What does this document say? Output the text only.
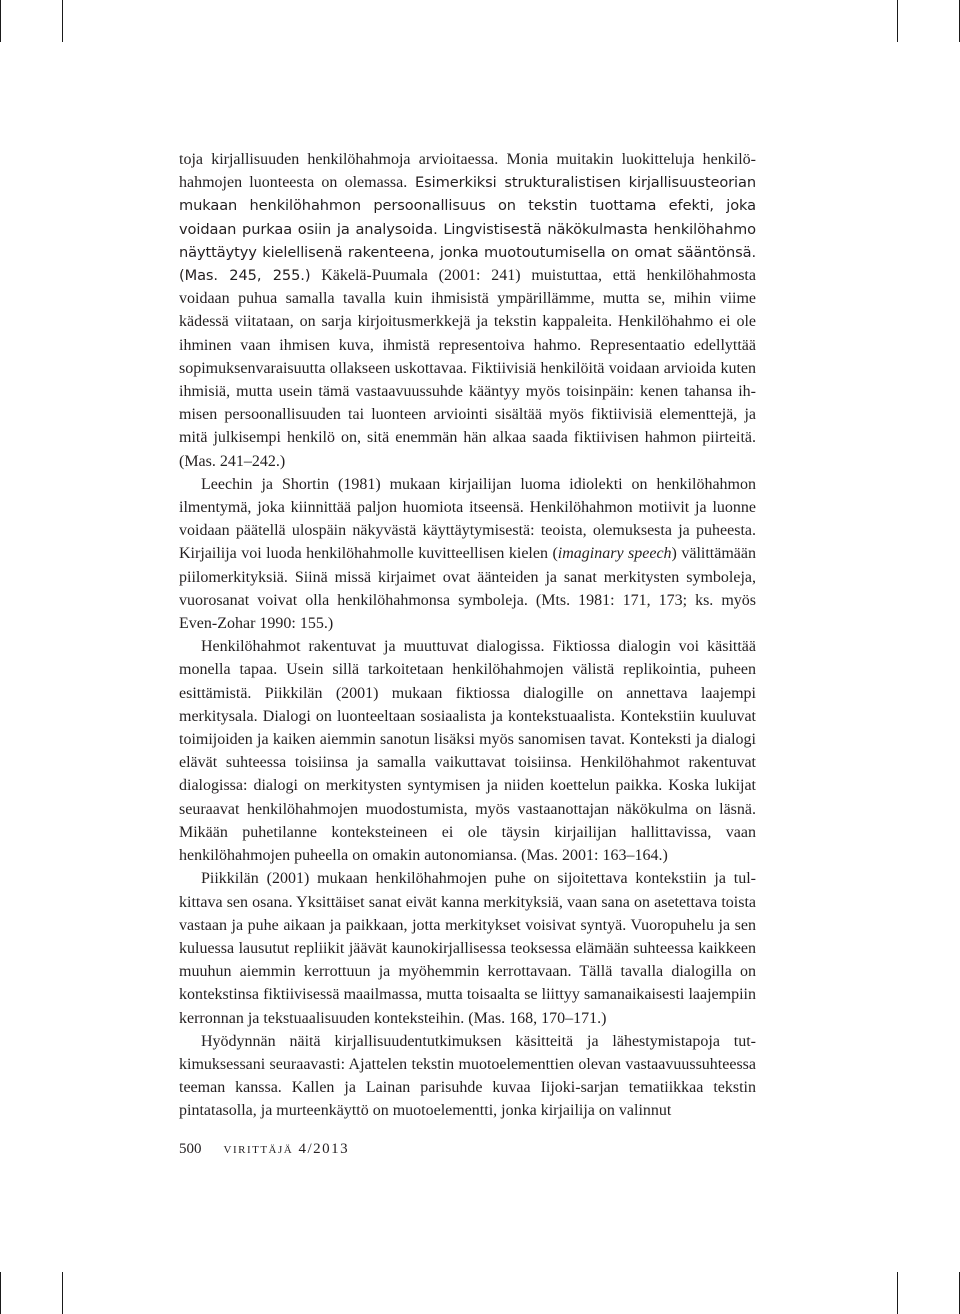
toja kirjallisuuden henkilöhahmoja arvioitaessa. Monia muitakin luokitteluja henkilöhahmojen luonteesta on olemassa. Esimerkiksi strukturalistisen kirjallisuusteorian mukaan henkilöhahmon persoonallisuus on tekstin tuottama efekti, joka voidaan purkaa osiin ja analysoida. Lingvistisestä näkökulmasta henkilöhahmo näyttäytyy kielellisenä rakenteena, jonka muotoutumisella on omat sääntönsä. (Mas. 245, 255.) Käkelä-Puumala (2001: 241) muistuttaa, että henkilöhahmosta voidaan puhua samalla tavalla kuin ihmisistä ympärillämme, mutta se, mihin viime kädessä viitataan, on sarja kirjoitusmerkkejä ja tekstin kappaleita. Henkilöhahmo ei ole ihminen vaan ihmisen kuva, ihmistä representoiva hahmo. Representaatio edellyttää sopimuksenvaraisuutta ollakseen uskottavaa. Fiktiivisiä henkilöitä voidaan arvioida kuten ihmisiä, mutta usein tämä vastaavuussuhde kääntyy myös toisinpäin: kenen tahansa ihmisen persoonallisuuden tai luonteen arviointi sisältää myös fiktiivisiä elementtejä, ja mitä julkisempi henkilö on, sitä enemmän hän alkaa saada fiktiivisen hahmon piirteitä. (Mas. 241–242.)

Leechin ja Shortin (1981) mukaan kirjailijan luoma idiolekti on henkilöhahmon ilmentymä, joka kiinnittää paljon huomiota itseensä. Henkilöhahmon motiivit ja luonne voidaan päätellä ulospäin näkyvästä käyttäytymisestä: teoista, olemuksesta ja puheesta. Kirjailija voi luoda henkilöhahmolle kuvitteellisen kielen (imaginary speech) välittämään piilomerkityksiä. Siinä missä kirjaimet ovat äänteiden ja sanat merkitysten symboleja, vuorosanat voivat olla henkilöhahmonsa symboleja. (Mts. 1981: 171, 173; ks. myös Even-Zohar 1990: 155.)

Henkilöhahmot rakentuvat ja muuttuvat dialogissa. Fiktiossa dialogin voi käsittää monella tapaa. Usein sillä tarkoitetaan henkilöhahmojen välistä replikointia, puheen esittämistä. Piikkilän (2001) mukaan fiktiossa dialogille on annettava laajempi merkitysala. Dialogi on luonteeltaan sosiaalista ja kontekstuaalista. Kontekstiin kuuluvat toimijoiden ja kaiken aiemmin sanotun lisäksi myös sanomisen tavat. Konteksti ja dialogi elävät suhteessa toisiinsa ja samalla vaikuttavat toisiinsa. Henkilöhahmot rakentuvat dialogissa: dialogi on merkitysten syntymisen ja niiden koettelun paikka. Koska lukijat seuraavat henkilöhahmojen muodostumista, myös vastaanottajan näkökulma on läsnä. Mikään puhetilanne konteksteineen ei ole täysin kirjailijan hallittavissa, vaan henkilöhahmojen puheella on omakin autonomiansa. (Mas. 2001: 163–164.)

Piikkilän (2001) mukaan henkilöhahmojen puhe on sijoitettava kontekstiin ja tulkittava sen osana. Yksittäiset sanat eivät kanna merkityksiä, vaan sana on asetettava toista vastaan ja puhe aikaan ja paikkaan, jotta merkitykset voisivat syntyä. Vuoropuhelu ja sen kuluessa lausutut repliikit jäävät kaunokirjallisessa teoksessa elämään suhteessa kaikkeen muuhun aiemmin kerrottuun ja myöhemmin kerrottavaan. Tällä tavalla dialogilla on kontekstinsa fiktiivisessä maailmassa, mutta toisaalta se liittyy samanaikaisesti laajempiin kerronnan ja tekstuaalisuuden konteksteihin. (Mas. 168, 170–171.)

Hyödynnän näitä kirjallisuudentutkimuksen käsitteitä ja lähestymistapoja tutkimuksessani seuraavasti: Ajattelen tekstin muotoelementtien olevan vastaavuussuhteessa teeman kanssa. Kallen ja Lainan parisuhde kuvaa Iijoki-sarjan tematiikkaa tekstin pintatasolla, ja murteenkäyttö on muotoelementti, jonka kirjailija on valinnut

500 virittäjä 4/2013
